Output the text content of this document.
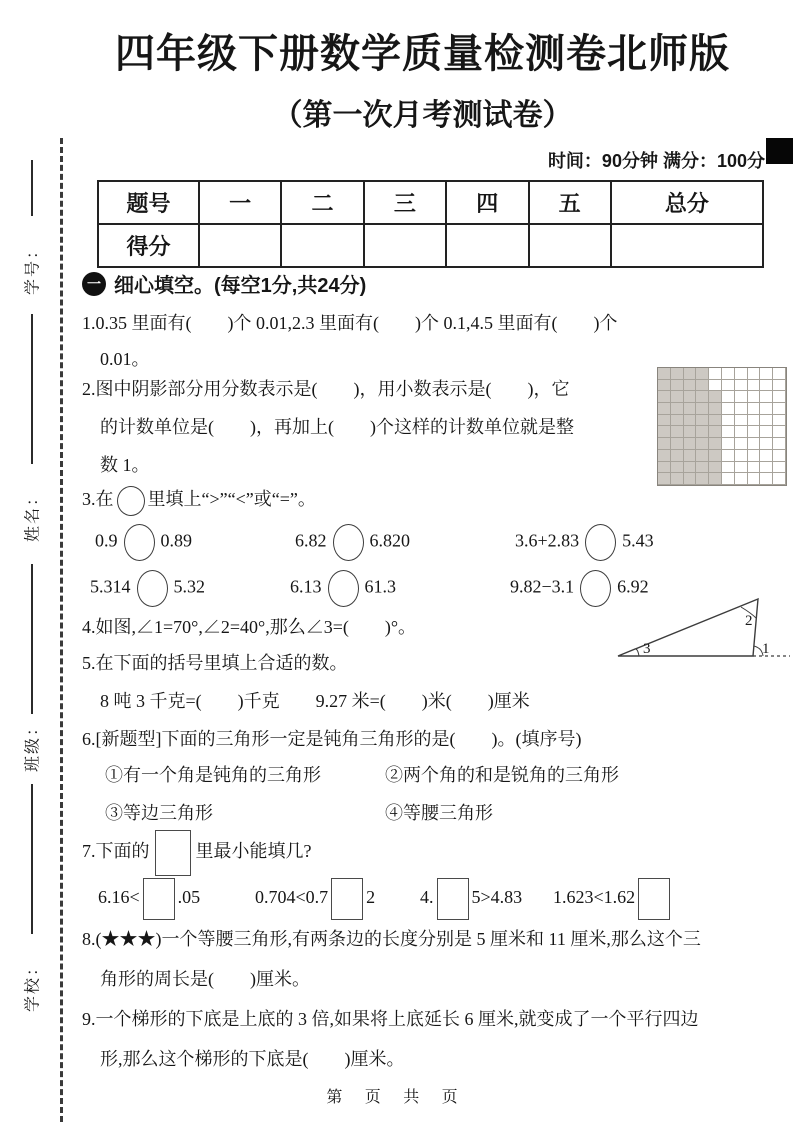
学号：
姓名：
班级：
学校：
四年级下册数学质量检测卷北师版
（第一次月考测试卷）
时间：90分钟 满分：100分
题号	一	二	三	四	五	总分
得分						
一 细心填空。(每空1分,共24分)
1.0.35 里面有(        )个 0.01,2.3 里面有(        )个 0.1,4.5 里面有(        )个
0.01。
2.图中阴影部分用分数表示是(        )，用小数表示是(        )，它
的计数单位是(        )，再加上(        )个这样的计数单位就是整
数 1。
3.在 里填上“>”“<”或“=”。
0.9 0.89	6.82 6.820	3.6+2.83 5.43
5.314 5.32	6.13 61.3	9.82−3.1 6.92
4.如图,∠1=70°,∠2=40°,那么∠3=(        )°。	2
3	1
5.在下面的括号里填上合适的数。
8 吨 3 千克=(        )千克        9.27 米=(        )米(        )厘米
6.[新题型]下面的三角形一定是钝角三角形的是(        )。(填序号)
①有一个角是钝角的三角形	②两个角的和是锐角的三角形
③等边三角形	④等腰三角形
7.下面的	里最小能填几?
6.16< .05	0.704<0.7 2 4. 5>4.83 1.623<1.62
8.(★★★)一个等腰三角形,有两条边的长度分别是 5 厘米和 11 厘米,那么这个三
角形的周长是(        )厘米。
9.一个梯形的下底是上底的 3 倍,如果将上底延长 6 厘米,就变成了一个平行四边
形,那么这个梯形的下底是(        )厘米。
第 页 共 页
